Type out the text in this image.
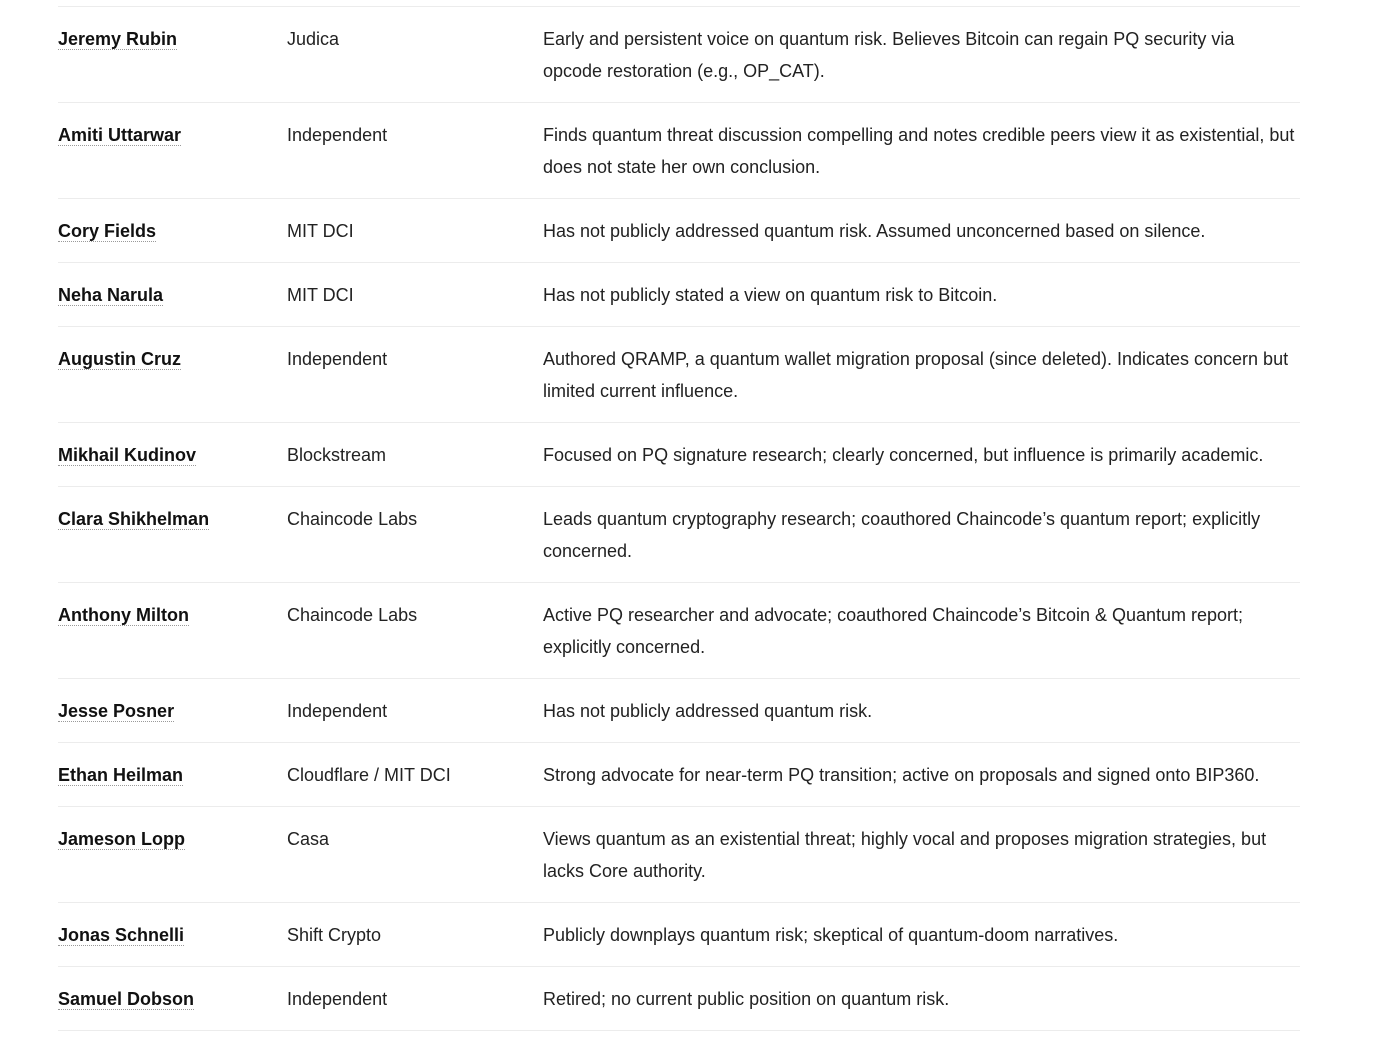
Jeremy Rubin	Judica	Early and persistent voice on quantum risk. Believes Bitcoin can regain PQ security via opcode restoration (e.g., OP_CAT).
Amiti Uttarwar	Independent	Finds quantum threat discussion compelling and notes credible peers view it as existential, but does not state her own conclusion.
Cory Fields	MIT DCI	Has not publicly addressed quantum risk. Assumed unconcerned based on silence.
Neha Narula	MIT DCI	Has not publicly stated a view on quantum risk to Bitcoin.
Augustin Cruz	Independent	Authored QRAMP, a quantum wallet migration proposal (since deleted). Indicates concern but limited current influence.
Mikhail Kudinov	Blockstream	Focused on PQ signature research; clearly concerned, but influence is primarily academic.
Clara Shikhelman	Chaincode Labs	Leads quantum cryptography research; coauthored Chaincode’s quantum report; explicitly concerned.
Anthony Milton	Chaincode Labs	Active PQ researcher and advocate; coauthored Chaincode’s Bitcoin & Quantum report; explicitly concerned.
Jesse Posner	Independent	Has not publicly addressed quantum risk.
Ethan Heilman	Cloudflare / MIT DCI	Strong advocate for near-term PQ transition; active on proposals and signed onto BIP360.
Jameson Lopp	Casa	Views quantum as an existential threat; highly vocal and proposes migration strategies, but lacks Core authority.
Jonas Schnelli	Shift Crypto	Publicly downplays quantum risk; skeptical of quantum-doom narratives.
Samuel Dobson	Independent	Retired; no current public position on quantum risk.
